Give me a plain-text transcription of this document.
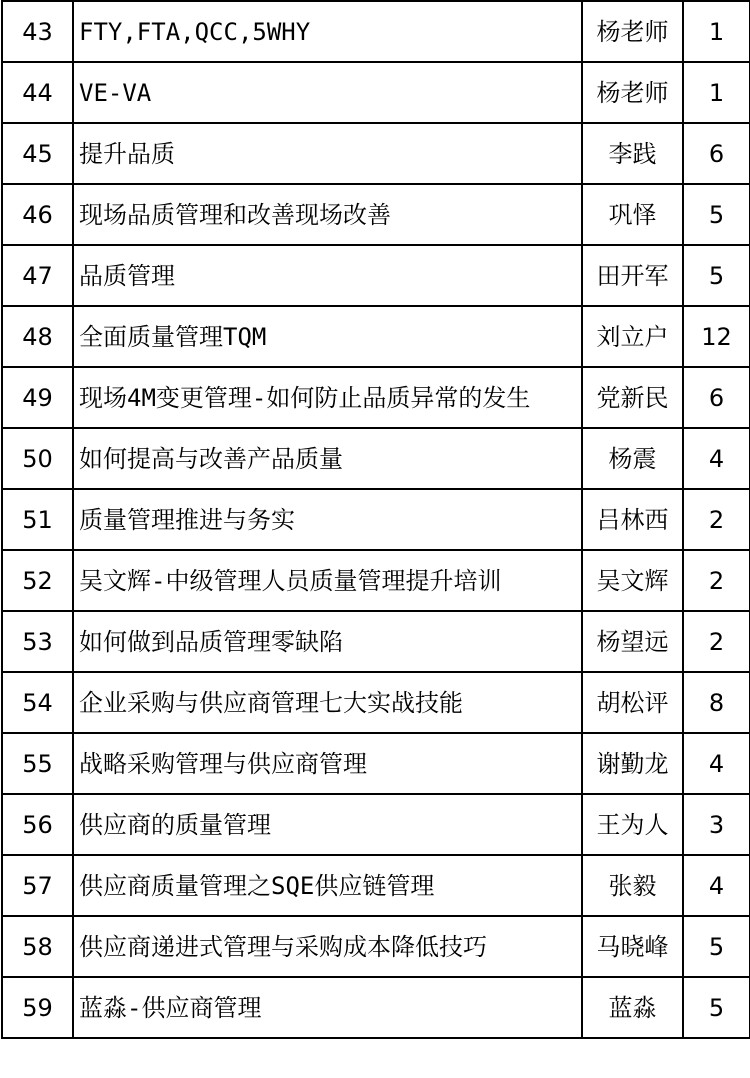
43	FTY,FTA,QCC,5WHY	杨老师	1
44	VE-VA	杨老师	1
45	提升品质	李践	6
46	现场品质管理和改善现场改善	巩怿	5
47	品质管理	田开军	5
48	全面质量管理TQM	刘立户	12
49	现场4M变更管理-如何防止品质异常的发生	党新民	6
50	如何提高与改善产品质量	杨震	4
51	质量管理推进与务实	吕林西	2
52	吴文辉-中级管理人员质量管理提升培训	吴文辉	2
53	如何做到品质管理零缺陷	杨望远	2
54	企业采购与供应商管理七大实战技能	胡松评	8
55	战略采购管理与供应商管理	谢勤龙	4
56	供应商的质量管理	王为人	3
57	供应商质量管理之SQE供应链管理	张毅	4
58	供应商递进式管理与采购成本降低技巧	马晓峰	5
59	蓝淼-供应商管理	蓝淼	5
